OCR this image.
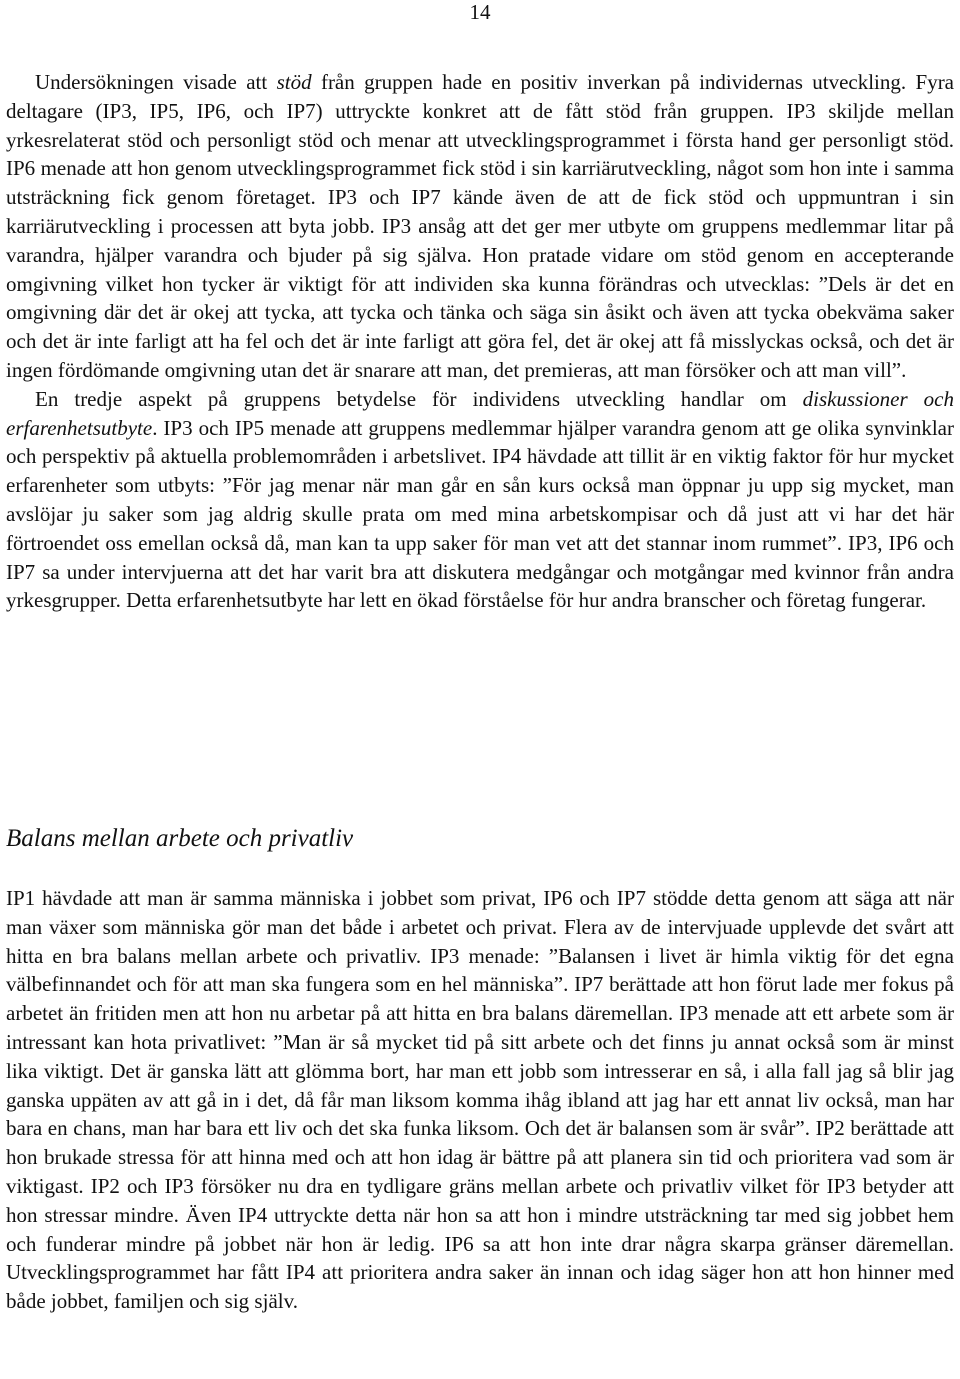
14

Undersökningen visade att stöd från gruppen hade en positiv inverkan på individernas utveckling. Fyra deltagare (IP3, IP5, IP6, och IP7) uttryckte konkret att de fått stöd från gruppen. IP3 skiljde mellan yrkesrelaterat stöd och personligt stöd och menar att utvecklingsprogrammet i första hand ger personligt stöd. IP6 menade att hon genom utvecklingsprogrammet fick stöd i sin karriärutveckling, något som hon inte i samma utsträckning fick genom företaget. IP3 och IP7 kände även de att de fick stöd och uppmuntran i sin karriärutveckling i processen att byta jobb. IP3 ansåg att det ger mer utbyte om gruppens medlemmar litar på varandra, hjälper varandra och bjuder på sig själva. Hon pratade vidare om stöd genom en accepterande omgivning vilket hon tycker är viktigt för att individen ska kunna förändras och utvecklas: ”Dels är det en omgivning där det är okej att tycka, att tycka och tänka och säga sin åsikt och även att tycka obekväma saker och det är inte farligt att ha fel och det är inte farligt att göra fel, det är okej att få misslyckas också, och det är ingen fördömande omgivning utan det är snarare att man, det premieras, att man försöker och att man vill”.

En tredje aspekt på gruppens betydelse för individens utveckling handlar om diskussioner och erfarenhetsutbyte. IP3 och IP5 menade att gruppens medlemmar hjälper varandra genom att ge olika synvinklar och perspektiv på aktuella problemområden i arbetslivet. IP4 hävdade att tillit är en viktig faktor för hur mycket erfarenheter som utbyts: ”För jag menar när man går en sån kurs också man öppnar ju upp sig mycket, man avslöjar ju saker som jag aldrig skulle prata om med mina arbetskompisar och då just att vi har det här förtroendet oss emellan också då, man kan ta upp saker för man vet att det stannar inom rummet”. IP3, IP6 och IP7 sa under intervjuerna att det har varit bra att diskutera medgångar och motgångar med kvinnor från andra yrkesgrupper. Detta erfarenhetsutbyte har lett en ökad förståelse för hur andra branscher och företag fungerar.

Balans mellan arbete och privatliv

IP1 hävdade att man är samma människa i jobbet som privat, IP6 och IP7 stödde detta genom att säga att när man växer som människa gör man det både i arbetet och privat. Flera av de intervjuade upplevde det svårt att hitta en bra balans mellan arbete och privatliv. IP3 menade: ”Balansen i livet är himla viktig för det egna välbefinnandet och för att man ska fungera som en hel människa”. IP7 berättade att hon förut lade mer fokus på arbetet än fritiden men att hon nu arbetar på att hitta en bra balans däremellan. IP3 menade att ett arbete som är intressant kan hota privatlivet: ”Man är så mycket tid på sitt arbete och det finns ju annat också som är minst lika viktigt. Det är ganska lätt att glömma bort, har man ett jobb som intresserar en så, i alla fall jag så blir jag ganska uppäten av att gå in i det, då får man liksom komma ihåg ibland att jag har ett annat liv också, man har bara en chans, man har bara ett liv och det ska funka liksom. Och det är balansen som är svår”. IP2 berättade att hon brukade stressa för att hinna med och att hon idag är bättre på att planera sin tid och prioritera vad som är viktigast. IP2 och IP3 försöker nu dra en tydligare gräns mellan arbete och privatliv vilket för IP3 betyder att hon stressar mindre. Även IP4 uttryckte detta när hon sa att hon i mindre utsträckning tar med sig jobbet hem och funderar mindre på jobbet när hon är ledig. IP6 sa att hon inte drar några skarpa gränser däremellan. Utvecklingsprogrammet har fått IP4 att prioritera andra saker än innan och idag säger hon att hon hinner med både jobbet, familjen och sig själv.
